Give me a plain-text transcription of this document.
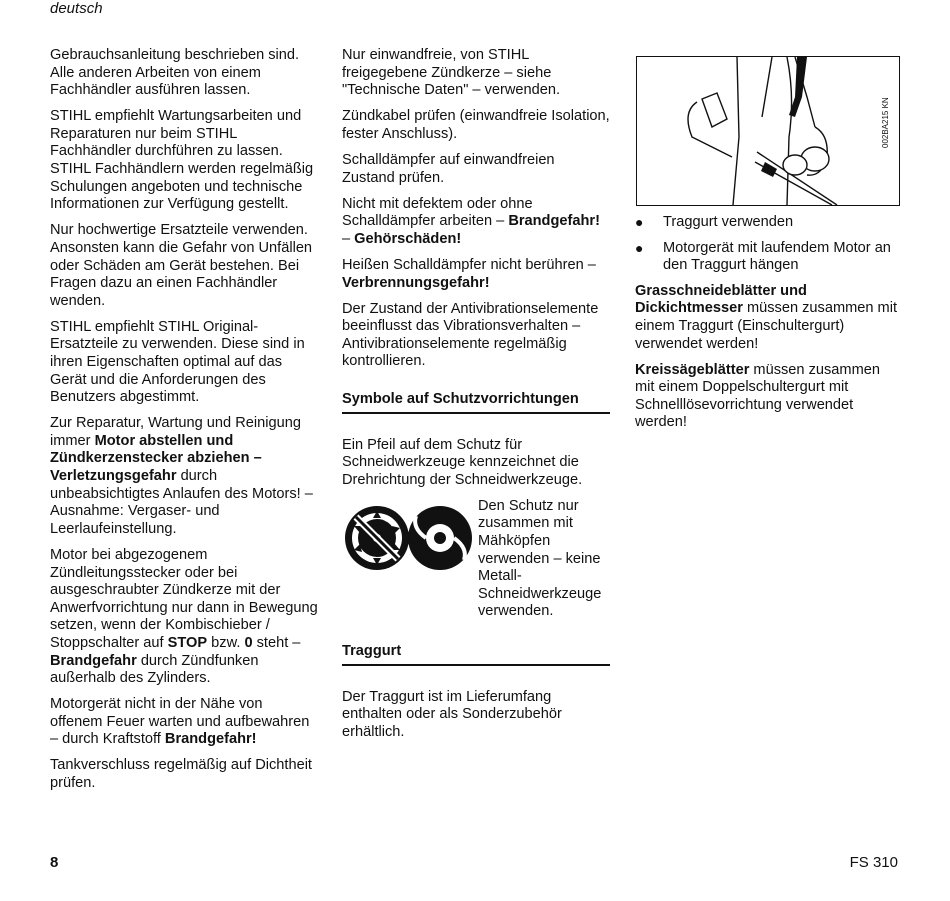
deutsch

Gebrauchsanleitung beschrieben sind. Alle anderen Arbeiten von einem Fachhändler ausführen lassen.

STIHL empfiehlt Wartungsarbeiten und Reparaturen nur beim STIHL Fachhändler durchführen zu lassen. STIHL Fachhändlern werden regelmäßig Schulungen angeboten und technische Informationen zur Verfügung gestellt.

Nur hochwertige Ersatzteile verwenden. Ansonsten kann die Gefahr von Unfällen oder Schäden am Gerät bestehen. Bei Fragen dazu an einen Fachhändler wenden.

STIHL empfiehlt STIHL Original-Ersatzteile zu verwenden. Diese sind in ihren Eigenschaften optimal auf das Gerät und die Anforderungen des Benutzers abgestimmt.

Zur Reparatur, Wartung und Reinigung immer Motor abstellen und Zündkerzenstecker abziehen – Verletzungsgefahr durch unbeabsichtigtes Anlaufen des Motors! – Ausnahme: Vergaser- und Leerlaufeinstellung.

Motor bei abgezogenem Zündleitungsstecker oder bei ausgeschraubter Zündkerze mit der Anwerfvorrichtung nur dann in Bewegung setzen, wenn der Kombischieber / Stoppschalter auf STOP bzw. 0 steht – Brandgefahr durch Zündfunken außerhalb des Zylinders.

Motorgerät nicht in der Nähe von offenem Feuer warten und aufbewahren – durch Kraftstoff Brandgefahr!

Tankverschluss regelmäßig auf Dichtheit prüfen.

Nur einwandfreie, von STIHL freigegebene Zündkerze – siehe "Technische Daten" – verwenden.

Zündkabel prüfen (einwandfreie Isolation, fester Anschluss).

Schalldämpfer auf einwandfreien Zustand prüfen.

Nicht mit defektem oder ohne Schalldämpfer arbeiten – Brandgefahr! – Gehörschäden!

Heißen Schalldämpfer nicht berühren – Verbrennungsgefahr!

Der Zustand der Antivibrationselemente beeinflusst das Vibrationsverhalten – Antivibrationselemente regelmäßig kontrollieren.

Symbole auf Schutzvorrichtungen

Ein Pfeil auf dem Schutz für Schneidwerkzeuge kennzeichnet die Drehrichtung der Schneidwerkzeuge.

Den Schutz nur zusammen mit Mähköpfen verwenden – keine Metall-Schneidwerkzeuge verwenden.
Traggurt

Der Traggurt ist im Lieferumfang enthalten oder als Sonderzubehör erhältlich.

002BA215 KN
●	Traggurt verwenden
●	Motorgerät mit laufendem Motor an den Traggurt hängen

Grasschneideblätter und Dickichtmesser müssen zusammen mit einem Traggurt (Einschultergurt) verwendet werden!

Kreissägeblätter müssen zusammen mit einem Doppelschultergurt mit Schnelllösevorrichtung verwendet werden!

8	FS 310
